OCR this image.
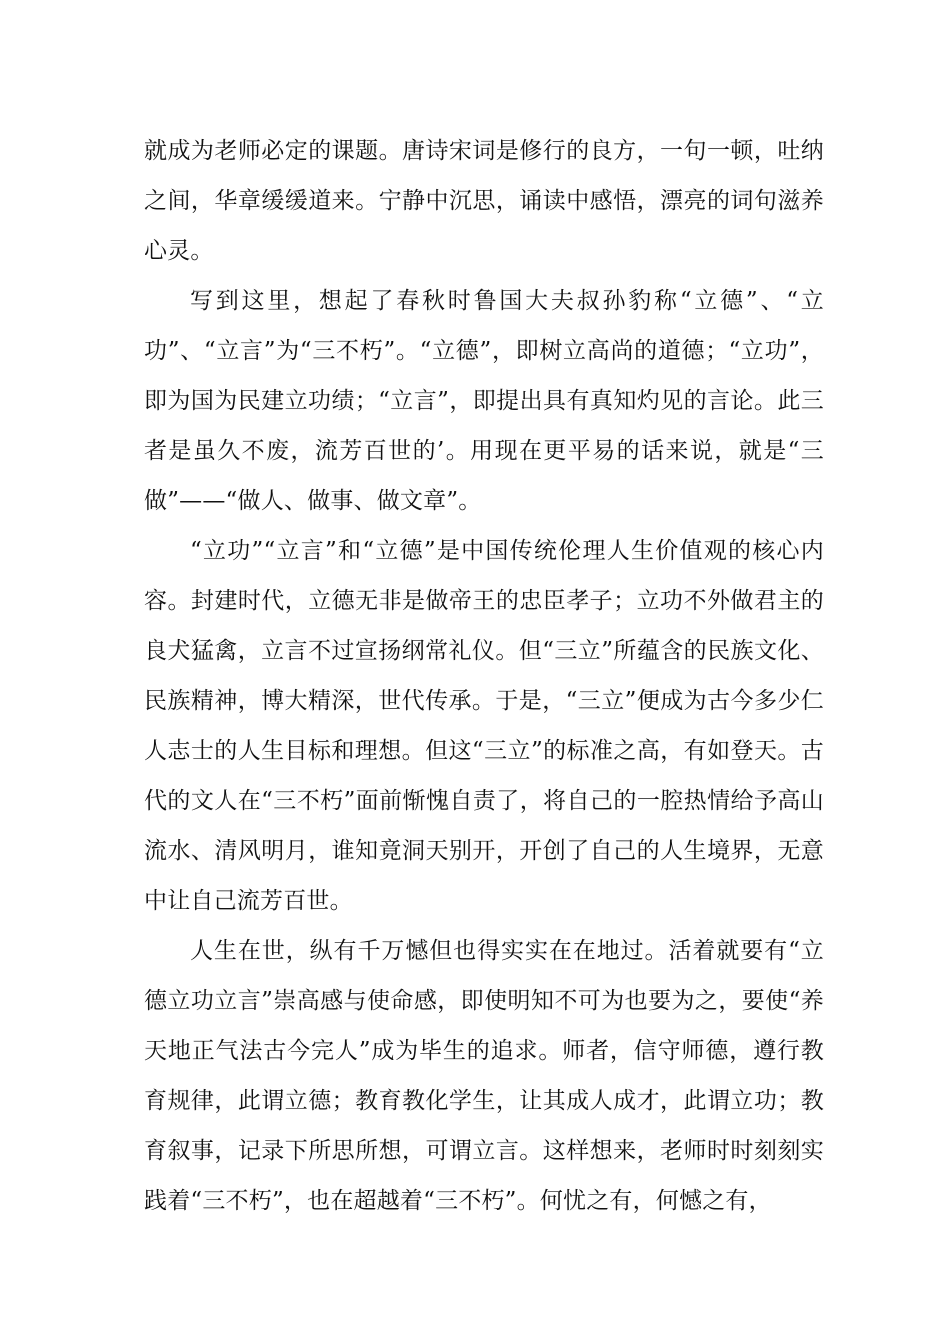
就成为老师必定的课题。唐诗宋词是修行的良方，一句一顿，吐纳之间，华章缓缓道来。宁静中沉思，诵读中感悟，漂亮的词句滋养心灵。

写到这里，想起了春秋时鲁国大夫叔孙豹称“立德”、“立功”、“立言”为“三不朽”。“立德”，即树立高尚的道德；“立功”，即为国为民建立功绩；“立言”，即提出具有真知灼见的言论。此三者是虽久不废，流芳百世的’。用现在更平易的话来说，就是“三做”——“做人、做事、做文章”。

“立功”“立言”和“立德”是中国传统伦理人生价值观的核心内容。封建时代，立德无非是做帝王的忠臣孝子；立功不外做君主的良犬猛禽，立言不过宣扬纲常礼仪。但“三立”所蕴含的民族文化、民族精神，博大精深，世代传承。于是，“三立”便成为古今多少仁人志士的人生目标和理想。但这“三立”的标准之高，有如登天。古代的文人在“三不朽”面前惭愧自责了，将自己的一腔热情给予高山流水、清风明月，谁知竟洞天别开，开创了自己的人生境界，无意中让自己流芳百世。

人生在世，纵有千万憾但也得实实在在地过。活着就要有“立德立功立言”崇高感与使命感，即使明知不可为也要为之，要使“养天地正气法古今完人”成为毕生的追求。师者，信守师德，遵行教育规律，此谓立德；教育教化学生，让其成人成才，此谓立功；教育叙事，记录下所思所想，可谓立言。这样想来，老师时时刻刻实践着“三不朽”，也在超越着“三不朽”。何忧之有，何憾之有，
